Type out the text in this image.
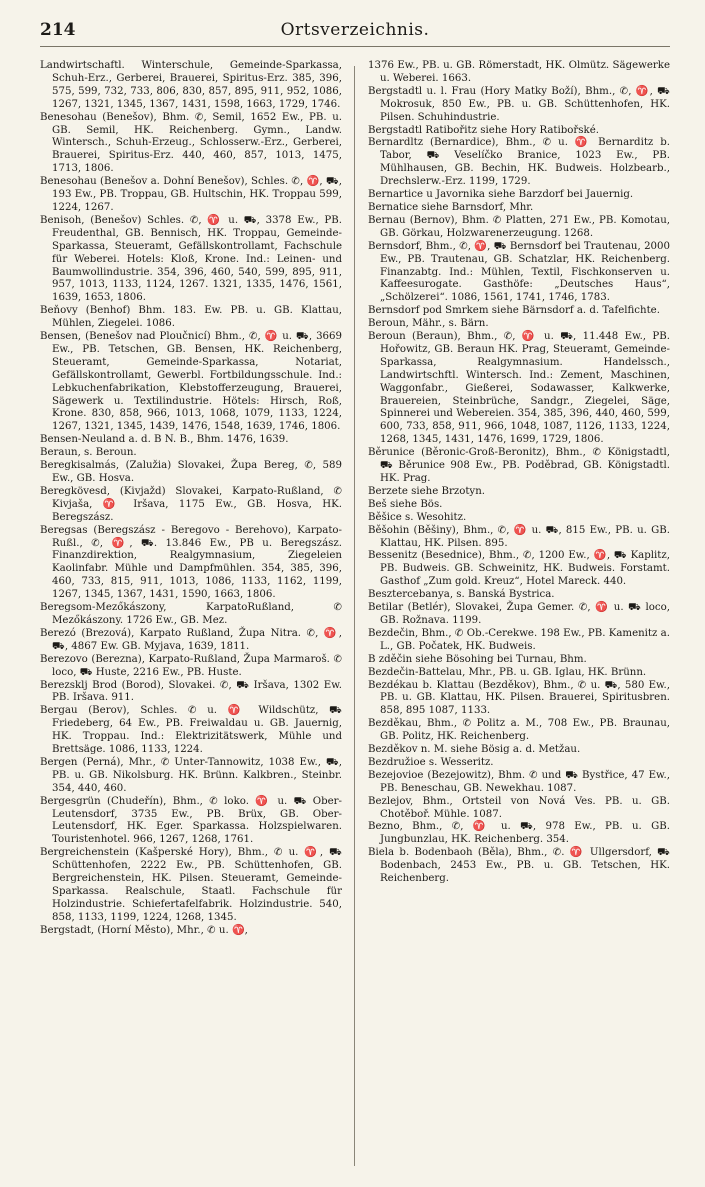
214	Ortsverzeichnis.

Landwirtschaftl. Winterschule, Gemeinde-Sparkassa, Schuh-Erz., Gerberei, Brauerei, Spiritus-Erz. 385, 396, 575, 599, 732, 733, 806, 830, 857, 895, 911, 952, 1086, 1267, 1321, 1345, 1367, 1431, 1598, 1663, 1729, 1746.

Benesohau (Benešov), Bhm. ✆, Semil, 1652 Ew., PB. u. GB. Semil, HK. Reichenberg. Gymn., Landw. Wintersch., Schuh-Erzeug., Schlosserw.-Erz., Gerberei, Brauerei, Spiritus-Erz. 440, 460, 857, 1013, 1475, 1713, 1806.

Benesohau (Benešov a. Dohní Benešov), Schles. ✆, ♈, ⛟, 193 Ew., PB. Troppau, GB. Hultschin, HK. Troppau 599, 1224, 1267.

Benisoh, (Benešov) Schles. ✆, ♈ u. ⛟, 3378 Ew., PB. Freudenthal, GB. Bennisch, HK. Troppau, Gemeinde-Sparkassa, Steueramt, Gefällskontrollamt, Fachschule für Weberei. Hotels: Kloß, Krone. Ind.: Leinen- und Baumwollindustrie. 354, 396, 460, 540, 599, 895, 911, 957, 1013, 1133, 1124, 1267. 1321, 1335, 1476, 1561, 1639, 1653, 1806.

Beňovy (Benhof) Bhm. 183. Ew. PB. u. GB. Klattau, Mühlen, Ziegelei. 1086.

Bensen, (Benešov nad Ploučnicí) Bhm., ✆, ♈ u. ⛟, 3669 Ew., PB. Tetschen, GB. Bensen, HK. Reichenberg, Steueramt, Gemeinde-Sparkassa, Notariat, Gefällskontrollamt, Gewerbl. Fortbildungsschule. Ind.: Lebkuchenfabrikation, Klebstofferzeugung, Brauerei, Sägewerk u. Textilindustrie. Hötels: Hirsch, Roß, Krone. 830, 858, 966, 1013, 1068, 1079, 1133, 1224, 1267, 1321, 1345, 1439, 1476, 1548, 1639, 1746, 1806.

Bensen-Neuland a. d. B N. B., Bhm. 1476, 1639.

Beraun, s. Beroun.

Beregkisalmás, (Zalužia) Slovakei, Župa Bereg, ✆, 589 Ew., GB. Hosva.

Beregkövesd, (Kivjažd) Slovakei, Karpato-Rußland, ✆ Kivjaša, ♈ Iršava, 1175 Ew., GB. Hosva, HK. Beregszász.

Beregsas (Beregszász - Beregovo - Berehovo), Karpato-Rußl., ✆, ♈, ⛟. 13.846 Ew., PB u. Beregszász. Finanzdirektion, Realgymnasium, Ziegeleien Kaolinfabr. Mühle und Dampfmühlen. 354, 385, 396, 460, 733, 815, 911, 1013, 1086, 1133, 1162, 1199, 1267, 1345, 1367, 1431, 1590, 1663, 1806.

Beregsom-Mezőkászony, KarpatoRußland, ✆ Mezőkászony. 1726 Ew., GB. Mez.

Berezó (Brezová), Karpato Rußland, Župa Nitra. ✆, ♈, ⛟, 4867 Ew. GB. Myjava, 1639, 1811.

Berezovo (Berezna), Karpato-Rußland, Župa Marmaroš. ✆ loco, ⛟ Huste, 2216 Ew., PB. Huste.

Berezsklj Brod (Borod), Slovakei. ✆, ⛟ Iršava, 1302 Ew. PB. Iršava. 911.

Bergau (Berov), Schles. ✆ u. ♈ Wildschütz, ⛟ Friedeberg, 64 Ew., PB. Freiwaldau u. GB. Jauernig, HK. Troppau. Ind.: Elektrizitätswerk, Mühle und Brettsäge. 1086, 1133, 1224.

Bergen (Perná), Mhr., ✆ Unter-Tannowitz, 1038 Ew., ⛟, PB. u. GB. Nikolsburg. HK. Brünn. Kalkbren., Steinbr. 354, 440, 460.

Bergesgrün (Chudeřín), Bhm., ✆ loko. ♈ u. ⛟ Ober-Leutensdorf, 3735 Ew., PB. Brüx, GB. Ober-Leutensdorf, HK. Eger. Sparkassa. Holzspielwaren. Touristenhotel. 966, 1267, 1268, 1761.

Bergreichenstein (Kašperské Hory), Bhm., ✆ u. ♈, ⛟ Schüttenhofen, 2222 Ew., PB. Schüttenhofen, GB. Bergreichenstein, HK. Pilsen. Steueramt, Gemeinde-Sparkassa. Realschule, Staatl. Fachschule für Holzindustrie. Schiefertafelfabrik. Holzindustrie. 540, 858, 1133, 1199, 1224, 1268, 1345.

Bergstadt, (Horní Město), Mhr., ✆ u. ♈,

1376 Ew., PB. u. GB. Römerstadt, HK. Olmütz. Sägewerke u. Weberei. 1663.

Bergstadtl u. l. Frau (Hory Matky Boží), Bhm., ✆, ♈, ⛟ Mokrosuk, 850 Ew., PB. u. GB. Schüttenhofen, HK. Pilsen. Schuhindustrie.

Bergstadtl Ratibořitz siehe Hory Ratibořské.

Bernardltz (Bernardice), Bhm., ✆ u. ♈ Bernarditz b. Tabor, ⛟ Veselíčko Branice, 1023 Ew., PB. Mühlhausen, GB. Bechin, HK. Budweis. Holzbearb., Drechslerw.-Erz. 1199, 1729.

Bernartice u Javornika siehe Barzdorf bei Jauernig.

Bernatice siehe Barnsdorf, Mhr.

Bernau (Bernov), Bhm. ✆ Platten, 271 Ew., PB. Komotau, GB. Görkau, Holzwarenerzeugung. 1268.

Bernsdorf, Bhm., ✆, ♈, ⛟ Bernsdorf bei Trautenau, 2000 Ew., PB. Trautenau, GB. Schatzlar, HK. Reichenberg. Finanzabtg. Ind.: Mühlen, Textil, Fischkonserven u. Kaffeesurogate. Gasthöfe: „Deutsches Haus“, „Schölzerei“. 1086, 1561, 1741, 1746, 1783.

Bernsdorf pod Smrkem siehe Bärnsdorf a. d. Tafelfichte.

Beroun, Mähr., s. Bärn.

Beroun (Beraun), Bhm., ✆, ♈ u. ⛟, 11.448 Ew., PB. Hořowitz, GB. Beraun HK. Prag, Steueramt, Gemeinde-Sparkassa, Realgymnasium. Handelssch., Landwirtschftl. Wintersch. Ind.: Zement, Maschinen, Waggonfabr., Gießerei, Sodawasser, Kalkwerke, Brauereien, Steinbrüche, Sandgr., Ziegelei, Säge, Spinnerei und Webereien. 354, 385, 396, 440, 460, 599, 600, 733, 858, 911, 966, 1048, 1087, 1126, 1133, 1224, 1268, 1345, 1431, 1476, 1699, 1729, 1806.

Běrunice (Běronic-Groß-Beronitz), Bhm., ✆ Königstadtl, ⛟ Běrunice 908 Ew., PB. Poděbrad, GB. Königstadtl. HK. Prag.

Berzete siehe Brzotyn.

Beš siehe Bös.

Běšice s. Wesohitz.

Běšohin (Běšiny), Bhm., ✆, ♈ u. ⛟, 815 Ew., PB. u. GB. Klattau, HK. Pilsen. 895.

Bessenitz (Besednice), Bhm., ✆, 1200 Ew., ♈, ⛟ Kaplitz, PB. Budweis. GB. Schweinitz, HK. Budweis. Forstamt. Gasthof „Zum gold. Kreuz“, Hotel Mareck. 440.

Besztercebanya, s. Banská Bystrica.

Betilar (Betlér), Slovakei, Župa Gemer. ✆, ♈ u. ⛟ loco, GB. Rožnava. 1199.

Bezdečin, Bhm., ✆ Ob.-Cerekwe. 198 Ew., PB. Kamenitz a. L., GB. Počatek, HK. Budweis.

B zděčin siehe Bösohing bei Turnau, Bhm.

Bezdečin-Battelau, Mhr., PB. u. GB. Iglau, HK. Brünn.

Bezdékau b. Klattau (Bezděkov), Bhm., ✆ u. ⛟, 580 Ew., PB. u. GB. Klattau, HK. Pilsen. Brauerei, Spiritusbren. 858, 895 1087, 1133.

Bezděkau, Bhm., ✆ Politz a. M., 708 Ew., PB. Braunau, GB. Politz, HK. Reichenberg.

Bezděkov n. M. siehe Bösig a. d. Metžau.

Bezdružioe s. Wesseritz.

Bezejovioe (Bezejowitz), Bhm. ✆ und ⛟ Bystřice, 47 Ew., PB. Beneschau, GB. Newekhau. 1087.

Bezlejov, Bhm., Ortsteil von Nová Ves. PB. u. GB. Chotěboř. Mühle. 1087.

Bezno, Bhm., ✆, ♈ u. ⛟, 978 Ew., PB. u. GB. Jungbunzlau, HK. Reichenberg. 354.

Biela b. Bodenbaoh (Běla), Bhm., ✆. ♈ Ullgersdorf, ⛟ Bodenbach, 2453 Ew., PB. u. GB. Tetschen, HK. Reichenberg.
